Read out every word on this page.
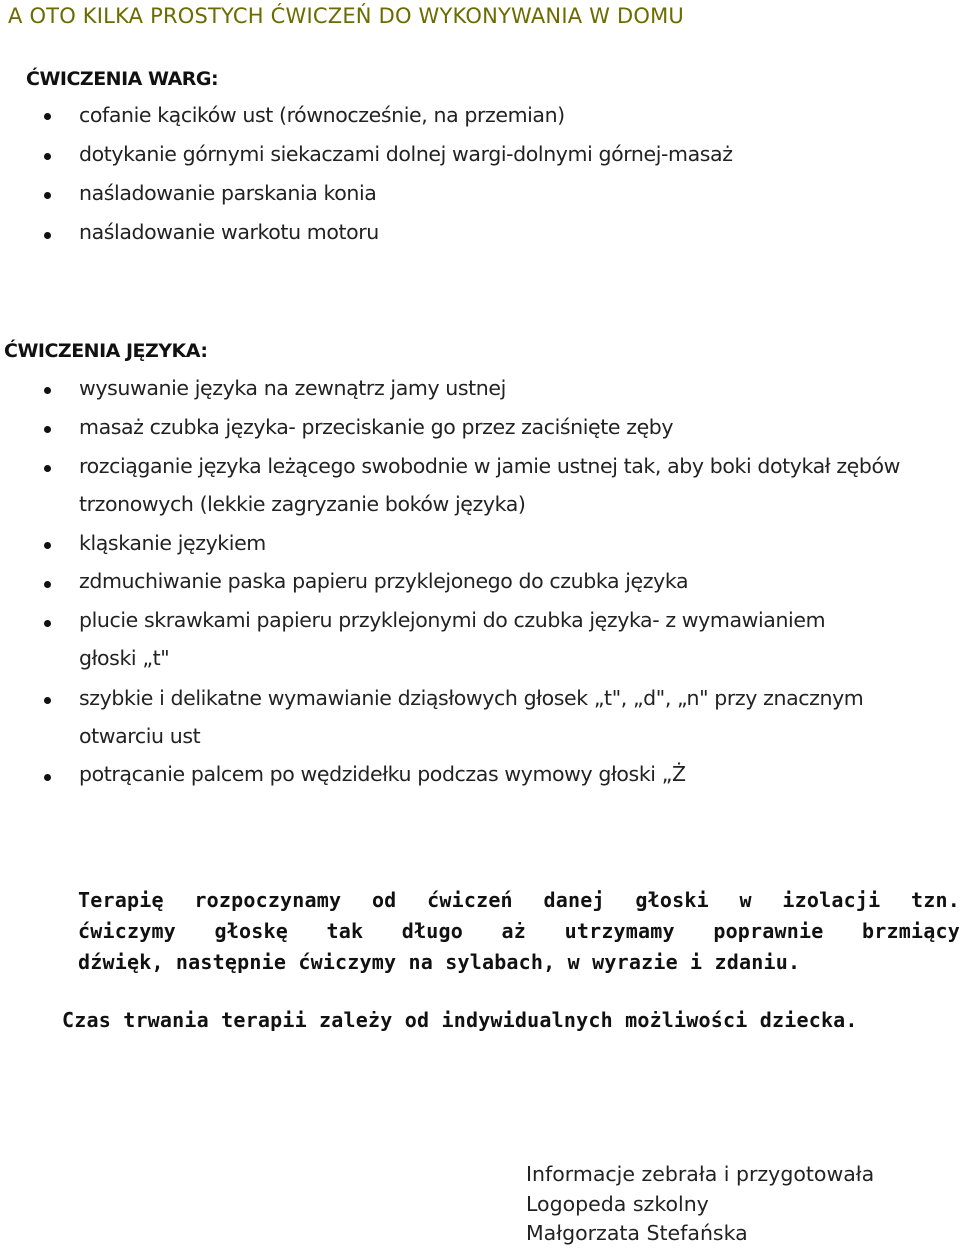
A OTO KILKA PROSTYCH ĆWICZEŃ DO WYKONYWANIA W DOMU
ĆWICZENIA WARG:
cofanie kącików ust (równocześnie, na przemian)
dotykanie górnymi siekaczami dolnej wargi-dolnymi górnej-masaż
naśladowanie parskania konia
naśladowanie warkotu motoru
ĆWICZENIA JĘZYKA:
wysuwanie języka na zewnątrz jamy ustnej
masaż czubka języka- przeciskanie go przez zaciśnięte zęby
rozciąganie języka leżącego swobodnie w jamie ustnej tak, aby boki dotykał zębów
trzonowych (lekkie zagryzanie boków języka)
kląskanie językiem
zdmuchiwanie paska papieru przyklejonego do czubka języka
plucie skrawkami papieru przyklejonymi do czubka języka- z wymawianiem
głoski „t"
szybkie i delikatne wymawianie dziąsłowych głosek „t", „d", „n" przy znacznym
otwarciu ust
potrącanie palcem po wędzidełku podczas wymowy głoski „Ż
Terapię rozpoczynamy od ćwiczeń danej głoski w izolacji tzn.
ćwiczymy głoskę tak długo aż utrzymamy poprawnie brzmiący
dźwięk, następnie ćwiczymy na sylabach, w wyrazie i zdaniu.
Czas trwania terapii zależy od indywidualnych możliwości dziecka.
Informacje zebrała i przygotowała
Logopeda szkolny
Małgorzata Stefańska
